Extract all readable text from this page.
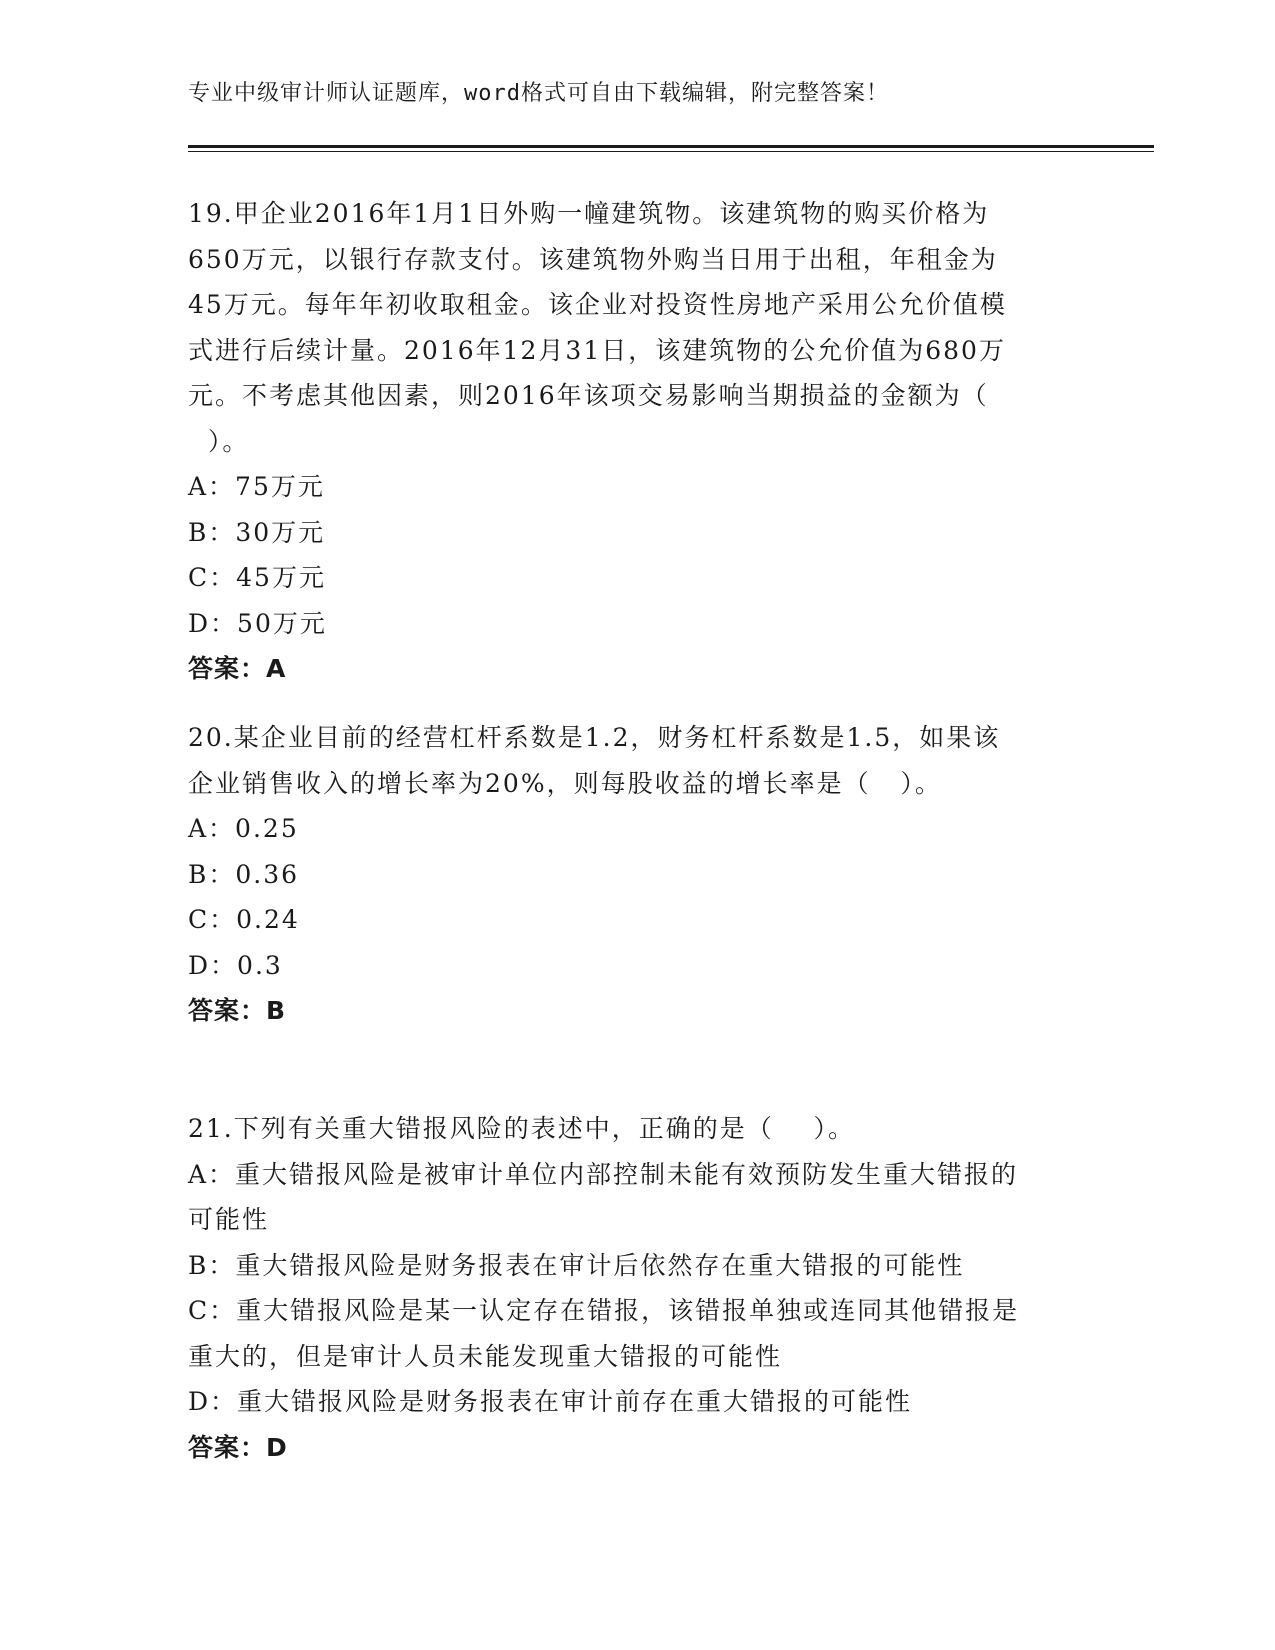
专业中级审计师认证题库，word格式可自由下载编辑，附完整答案！
19.甲企业2016年1月1日外购一幢建筑物。该建筑物的购买价格为
650万元，以银行存款支付。该建筑物外购当日用于出租，年租金为
45万元。每年年初收取租金。该企业对投资性房地产采用公允价值模
式进行后续计量。2016年12月31日，该建筑物的公允价值为680万
元。不考虑其他因素，则2016年该项交易影响当期损益的金额为（
）。
A：75万元
B：30万元
C：45万元
D：50万元
答案：A
20.某企业目前的经营杠杆系数是1.2，财务杠杆系数是1.5，如果该
企业销售收入的增长率为20%，则每股收益的增长率是（   ）。
A：0.25
B：0.36
C：0.24
D：0.3
答案：B
21.下列有关重大错报风险的表述中，正确的是（    ）。
A：重大错报风险是被审计单位内部控制未能有效预防发生重大错报的
可能性
B：重大错报风险是财务报表在审计后依然存在重大错报的可能性
C：重大错报风险是某一认定存在错报，该错报单独或连同其他错报是
重大的，但是审计人员未能发现重大错报的可能性
D：重大错报风险是财务报表在审计前存在重大错报的可能性
答案：D
